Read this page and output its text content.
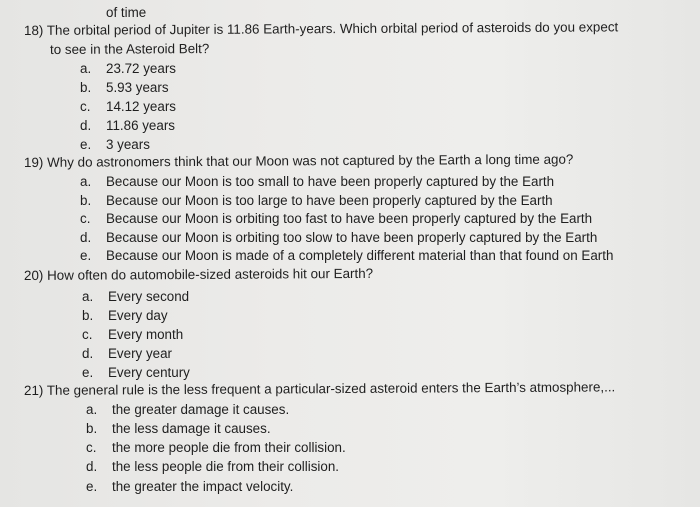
of time
18) The orbital period of Jupiter is 11.86 Earth-years. Which orbital period of asteroids do you expect
to see in the Asteroid Belt?
a. 23.72 years
b. 5.93 years
c. 14.12 years
d. 11.86 years
e. 3 years
19) Why do astronomers think that our Moon was not captured by the Earth a long time ago?
a. Because our Moon is too small to have been properly captured by the Earth
b. Because our Moon is too large to have been properly captured by the Earth
c. Because our Moon is orbiting too fast to have been properly captured by the Earth
d. Because our Moon is orbiting too slow to have been properly captured by the Earth
e. Because our Moon is made of a completely different material than that found on Earth
20) How often do automobile-sized asteroids hit our Earth?
a. Every second
b. Every day
c. Every month
d. Every year
e. Every century
21) The general rule is the less frequent a particular-sized asteroid enters the Earth’s atmosphere,...
a. the greater damage it causes.
b. the less damage it causes.
c. the more people die from their collision.
d. the less people die from their collision.
e. the greater the impact velocity.
